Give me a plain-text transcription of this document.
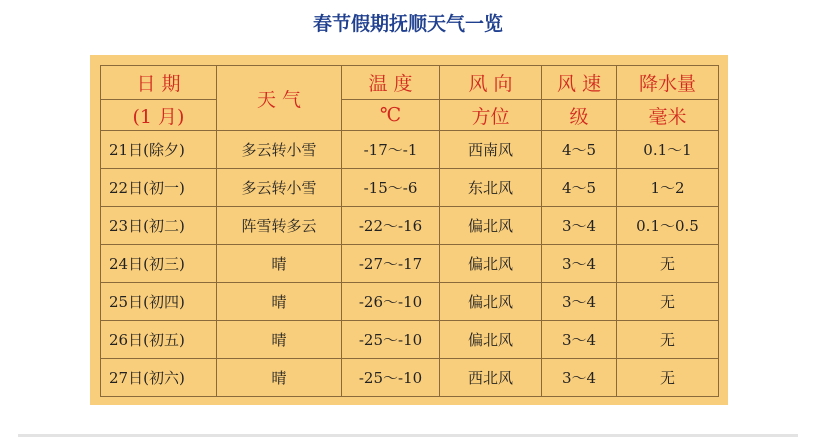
春节假期抚顺天气一览
日 期	天 气	温 度	风 向	风 速	降水量
(1 月)		℃	方位	级	毫米
21日(除夕)	多云转小雪	-17～-1	西南风	4～5	0.1～1
22日(初一)	多云转小雪	-15～-6	东北风	4～5	1～2
23日(初二)	阵雪转多云	-22～-16	偏北风	3～4	0.1～0.5
24日(初三)	晴	-27～-17	偏北风	3～4	无
25日(初四)	晴	-26～-10	偏北风	3～4	无
26日(初五)	晴	-25～-10	偏北风	3～4	无
27日(初六)	晴	-25～-10	西北风	3～4	无
